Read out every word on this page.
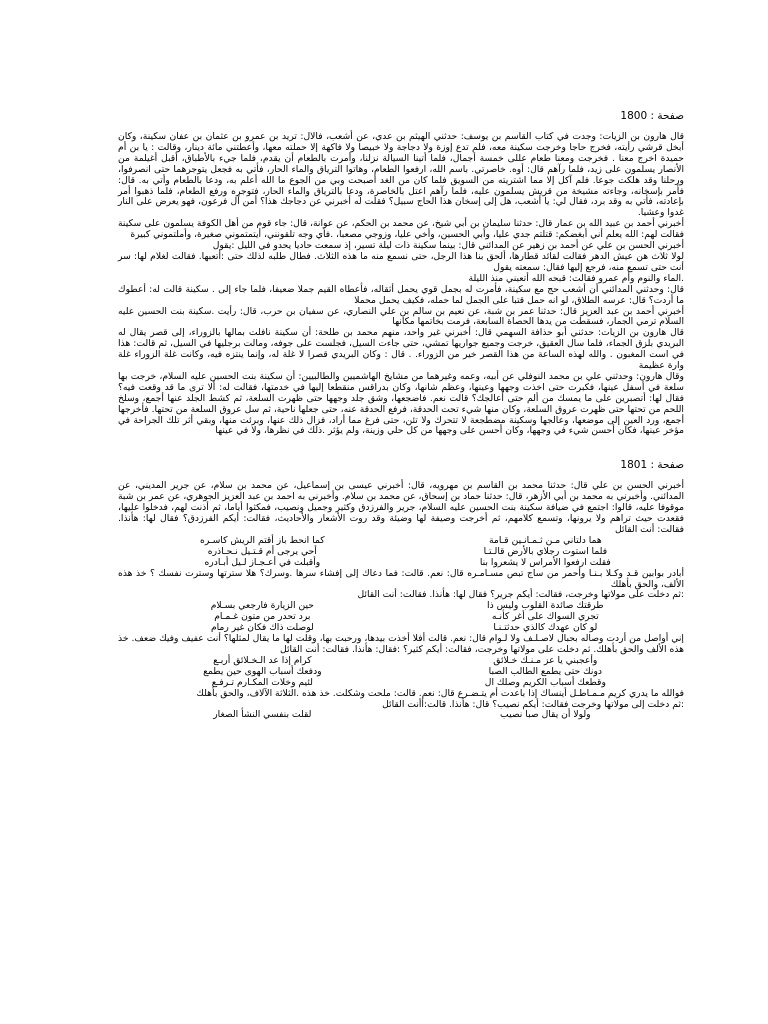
صفحة : 1800

قال هارون بن الزيات: وجدت في كتاب القاسم بن يوسف: حدثني الهيثم بن عدي، عن أشعب، فالال: تريد بن عمرو بن عثمان بن عفان سكينة، وكان أبخل قرشي رأيته، فخرج حاجا وخرجت سكينة معه، فلم تدع إوزة ولا دجاجة ولا خبيصا ولا فاكهة إلا حملته معها، وأعطتني مائة دينار، وقالت : يا بن أم حميدة اخرج معنا . فخرجت ومعنا طعام عللى خمسة أجمال، فلما أتينا السيالة نزلنا، وأمرت بالطعام أن يقدم، فلما جيء بالأطباق، أقبل أغيلمة من الأنصار يسلمون على زيد، فلما رآهم قال: أوه. خاصرتي. باسم الله، ارفعوا الطعام، وهاتوا الترياق والماء الحار، فأتي به فجعل يتوجرهما حتى انصرفوا، ورحلنا وقد هلكت جوعا. فلم آكل إلا مما اشتريته من السويق فلما كان من الغد أصبحت وبي من الجوع ما الله أعلم به، ودعا بالطعام وأتي به. قال: فأمر بإسخانه، وجاءته مشيخة من قريش يسلمون عليه، فلما رآهم اعتل بالخاصرة، ودعا بالترياق والماء الحار، فتوجره ورفع الطعام، فلما ذهبوا أمر بإعادته، فأتي به وقد برد، فقال لي: يا أشعب، هل إلى إسخان هذا الحاج سبيل؟ فقلت له أخبرني عن دجاجك هذا؟ أمن آل فرعون، فهو يعرض على النار غدوا وعشيا.

أخبرني أحمد بن عبيد الله بن عمار قال: حدثنا سليمان بن أبي شيخ، عن محمد بن الحكم، عن عوانة، قال: جاء قوم من أهل الكوفة يسلمون على سكينة فقالت لهم: الله يعلم أني أبغضكم: قتلتم جدي عليا، وأبي الحسين، وأخي عليا، وزوجي مصعبا، .فأي وجه تلقونني، أيتمتموني صغيرة، وأملتموني كبيرة

أخبرني الحسن بن علي عن أحمد بن زهير عن المدائني قال: بينما سكينة ذات ليلة تسير، إذ سمعت حاديا يحدو في الليل :يقول

لولا ثلاث هن عيش الدهر فقالت لقائد قطارها، ألحق بنا هذا الرجل، حتى نسمع منه ما هذه الثلاث. فطال طلبه لذلك حتى :أتعبها. فقالت لغلام لها: سر أنت حتى تسمع منه، فرجع إليها فقال: سمعته يقول

.الماء والنوم وأم عمرو فقالت: قبحه الله أتعبني منذ الليلة

قال: وحدثني المدائني أن أشعب حج مع سكينة، فأمرت له بجمل قوي يحمل أثقاله، فأعطاه القيم جملا ضعيفا، فلما جاء إلى . سكينة قالت له: أعطوك ما أردت؟ قال: عرسه الطلاق، لو انه حمل قتبا على الجمل لما حمله، فكيف يحمل محملا

أخبرني أحمد بن عبد العزيز قال: حدثنا عمر بن شبة، عن نعيم بن سالم بن علي النصاري، عن سفيان بن حرب، قال: رأيت .سكينة بنت الحسين عليه السلام ترمي الجمار، فسقطت من يدها الحصاة السابعة، فرمت بخاتمها مكانها

قال هارون بن الزيات: حدثني أبو حذافة السهمي قال: أخبرني غير واحد، منهم محمد بن طلحة: أن سكينة نافلت بمالها بالزوراء، إلى قصر يقال له البريدي بلزق الجماء، فلما سال العقيق، خرجت وجميع جواريها تمشي، حتى جاءت السيل، فجلست على جوفه، ومالت برجليها في السيل، ثم قالت: هذا في است المغبون . والله لهذه الساعة من هذا القصر خير من الزوراء. . قال : وكان البريدي قصرا لا غلة له، وإنما ينتزه فيه، وكانت غلة الزوراء غلة وارة عظيمة

وقال هارون: وحدثني علي بن محمد النوفلي عن أبيه، وعمه وغيرهما من مشايخ الهاشميين والطالبيين: أن سكينة بنت الحسين عليه السلام، خرجت بها سلعة في أسفل عينها، فكبرت حتى اخذت وجهها وعينها، وعظم شانها، وكان بدراقس منقطعا إليها في خدمتها، فقالت له: ألا ترى ما قد وقعت فيه؟ فقال لها: أتصبرين على ما يمسك من ألم حتى أعالجك؟ قالت نعم. فاضجعها، وشق جلد وجهها حتى ظهرت السلعة، ثم كشط الجلد عنها أجمع، وسلخ اللحم من تحتها حتى ظهرت عروق السلعة، وكان منها شيء تحت الحدقة، فرفع الحدقة عنه، حتى جعلها ناحية، ثم سل عروق السلعة من تحتها. فأخرجها أجمع، ورد العين إلى موضعها، وعالجها وسكينة مضطجعة لا تتحرك ولا تئن، حتى فرغ مما أراد، فزال ذلك عنها، وبرئت منها، وبقي أثر تلك الجراحة في مؤخر عينها، فكان أحسن شيء في وجهها، وكان أحسن على وجهها من كل حلي وزينة، ولم يؤثر .ذلك في نظرها، ولا في عينها

صفحة : 1801

أخبرني الحسن بن علي قال: حدثنا محمد بن القاسم بن مهرويه، قال: أخبرني عيسى بن إسماعيل، عن محمد بن سلام، عن جرير المديني، عن المدائني. وأخبرني به محمد بن أبي الأزهر، قال: حدثنا حماد بن إسحاق، عن محمد بن سلام. وأخبرني به احمد بن عبد العزيز الجوهري، عن عمر بن شبة موقوفا عليه، قالوا: اجتمع في ضيافة سكينة بنت الحسين عليه السلام، جرير والفرزدق وكثير وجميل ونصيب، فمكثوا أياما، ثم أذنت لهم، فدخلوا عليها، فقعدت حيث تراهم ولا يرونها، وتسمع كلامهم، ثم أخرجت وصيفة لها وضيئة وقد روت الأشعار والأحاديث، فقالت: أيكم الفرزدق؟ فقال لها: هأنذا. فقالت: أنت القائل

هما دلتاني مـن ثـمـانـين قـامة
كما انحط باز أقتم الريش كاسـره
فلما استوت رجلاي بالأرض قالـتـا
أحي يرجى أم قـتـيل نـحـاذره
فقلت ارفعوا الأمراس لا يشعروا بنا
وأقبلت في أعـجـاز لـيل أبـادره

أبادر بوابين قـد وكـلا بـنـا وأحمر من ساج تبص مسـامـره قال: نعم. قالت: فما دعاك إلى إفشاء سرها .وسرك؟ هلا سترتها وسترت نفسك ؟ خذ هذه الألف، والحق بأهلك

:ثم دخلت على مولاتها وخرجت، فقالت: أيكم جرير؟ فقال لها: هأنذا. فقالت: أنت القائل

طرقتك صائدة القلوب وليس ذا
حين الزيارة فارجعي بسـلام
تجري السواك على أغر كأنـه
برد تحدر من متون غـمـام
لو كان عهدك كالذي حدثتـنـا
لوصلت ذاك فكان غير رمام

إني أواصل من أردت وصاله بحبال لاصـلـف ولا لـوام قال: نعم. قالت أفلا أخذت بيدها، ورحبت بها، وقلت لها ما يقال لمثلها؟ أنت عفيف وفيك ضعف. خذ هذه الألف والحق بأهلك. ثم دخلت على مولاتها وخرجت، فقالت: أيكم كثير؟ :فقال: هأنذا. فقالت: أنت القائل

وأعجبني يا عز مـنـك خـلائق
كرام إذا عد الـخـلائق أربـع
دونك حتى يطمع الطالب الصبا
ودفعك أسباب الهوى حين يطمع
وقطعك أسباب الكريم وصلك ال
لئيم وخلات المكـارم تـرفـع

فوالله ما يدري كريم مـمـاطـل أينساك إذا باعدت أم يتـضـرع قال: نعم. قالت: ملحت وشكلت. خذ هذه .الثلاثة الآلاف، والحق بأهلك

:ثم دخلت إلى مولاتها وخرجت فقالت: أيكم نصيب؟ قال: هأنذا. قالت:أأنت القائل

ولولا أن يقال صبا نصيب
لقلت بنفسي النشأ الصغار
